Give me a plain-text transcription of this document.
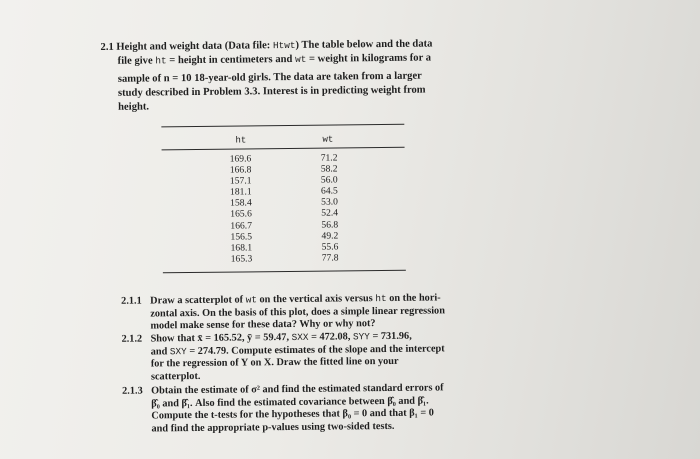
2.1 Height and weight data (Data file: Htwt) The table below and the data

file give ht = height in centimeters and wt = weight in kilograms for a

sample of n = 10 18-year-old girls. The data are taken from a larger

study described in Problem 3.3. Interest is in predicting weight from

height.

ht	wt
169.6
166.8
157.1
181.1
158.4
165.6
166.7
156.5
168.1
165.3
71.2
58.2
56.0
64.5
53.0
52.4
56.8
49.2
55.6
77.8
2.1.1 Draw a scatterplot of wt on the vertical axis versus ht on the hori-
zontal axis. On the basis of this plot, does a simple linear regression
model make sense for these data? Why or why not?
2.1.2 Show that x̄ = 165.52, ȳ = 59.47, SXX = 472.08, SYY = 731.96,
and SXY = 274.79. Compute estimates of the slope and the intercept
for the regression of Y on X. Draw the fitted line on your
scatterplot.
2.1.3 Obtain the estimate of σ² and find the estimated standard errors of
β̂₀ and β̂₁. Also find the estimated covariance between β̂₀ and β̂₁.
Compute the t-tests for the hypotheses that β₀ = 0 and that β₁ = 0
and find the appropriate p-values using two-sided tests.
